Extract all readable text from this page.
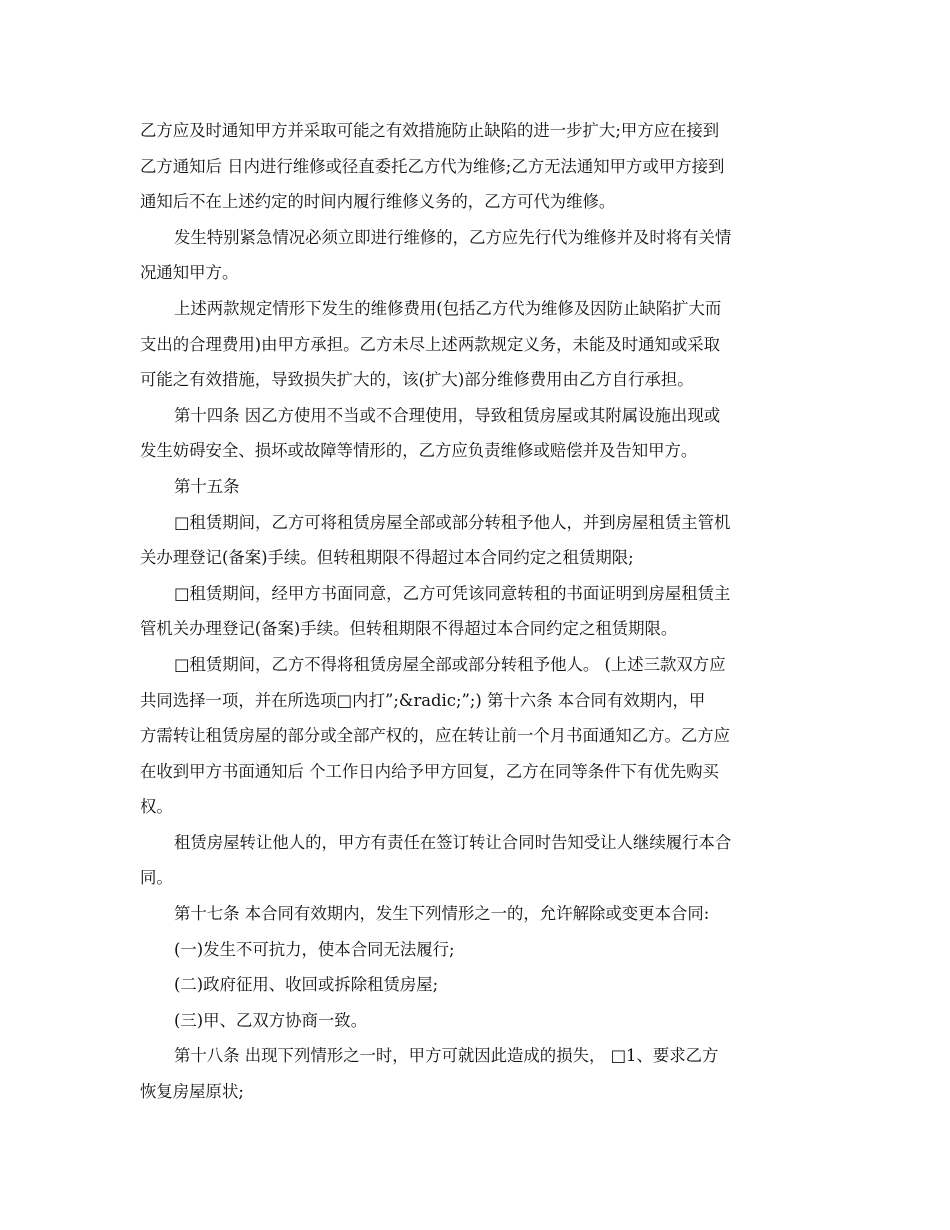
乙方应及时通知甲方并采取可能之有效措施防止缺陷的进一步扩大;甲方应在接到
乙方通知后 日内进行维修或径直委托乙方代为维修;乙方无法通知甲方或甲方接到
通知后不在上述约定的时间内履行维修义务的，乙方可代为维修。
发生特别紧急情况必须立即进行维修的，乙方应先行代为维修并及时将有关情
况通知甲方。
上述两款规定情形下发生的维修费用(包括乙方代为维修及因防止缺陷扩大而
支出的合理费用)由甲方承担。乙方未尽上述两款规定义务，未能及时通知或采取
可能之有效措施，导致损失扩大的，该(扩大)部分维修费用由乙方自行承担。
第十四条 因乙方使用不当或不合理使用，导致租赁房屋或其附属设施出现或
发生妨碍安全、损坏或故障等情形的，乙方应负责维修或赔偿并及告知甲方。
第十五条
□租赁期间，乙方可将租赁房屋全部或部分转租予他人，并到房屋租赁主管机
关办理登记(备案)手续。但转租期限不得超过本合同约定之租赁期限;
□租赁期间，经甲方书面同意，乙方可凭该同意转租的书面证明到房屋租赁主
管机关办理登记(备案)手续。但转租期限不得超过本合同约定之租赁期限。
□租赁期间，乙方不得将租赁房屋全部或部分转租予他人。 (上述三款双方应
共同选择一项，并在所选项□内打”;&radic;”;) 第十六条 本合同有效期内，甲
方需转让租赁房屋的部分或全部产权的，应在转让前一个月书面通知乙方。乙方应
在收到甲方书面通知后 个工作日内给予甲方回复，乙方在同等条件下有优先购买
权。
租赁房屋转让他人的，甲方有责任在签订转让合同时告知受让人继续履行本合
同。
第十七条 本合同有效期内，发生下列情形之一的，允许解除或变更本合同:
(一)发生不可抗力，使本合同无法履行;
(二)政府征用、收回或拆除租赁房屋;
(三)甲、乙双方协商一致。
第十八条 出现下列情形之一时，甲方可就因此造成的损失， □1、要求乙方
恢复房屋原状;
